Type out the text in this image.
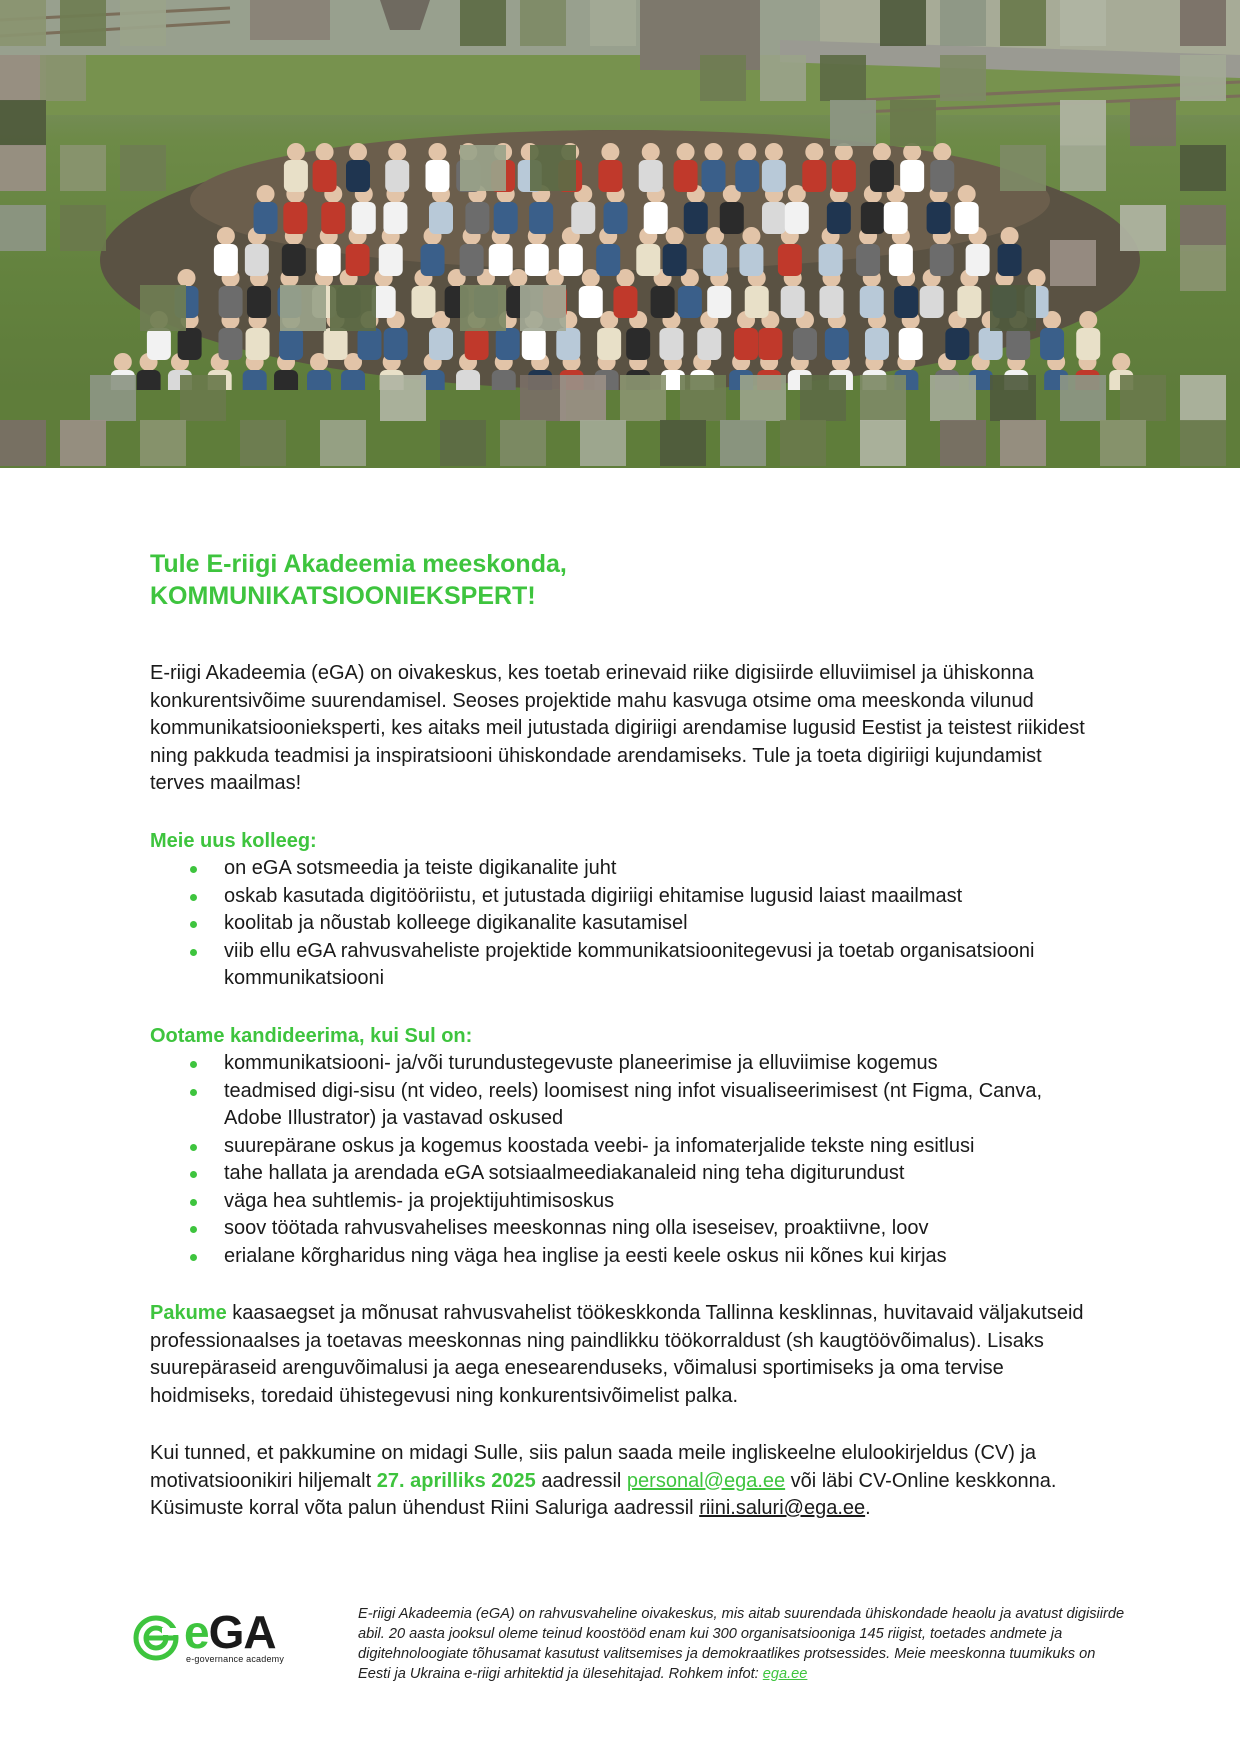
Tule E-riigi Akadeemia meeskonda,
KOMMUNIKATSIOONIEKSPERT!

E-riigi Akadeemia (eGA) on oivakeskus, kes toetab erinevaid riike digisiirde elluviimisel ja ühiskonna konkurentsivõime suurendamisel. Seoses projektide mahu kasvuga otsime oma meeskonda vilunud kommunikatsioonieksperti, kes aitaks meil jutustada digiriigi arendamise lugusid Eestist ja teistest riikidest ning pakkuda teadmisi ja inspiratsiooni ühiskondade arendamiseks. Tule ja toeta digiriigi kujundamist terves maailmas!

Meie uus kolleeg:

on eGA sotsmeedia ja teiste digikanalite juht
oskab kasutada digitööriistu, et jutustada digiriigi ehitamise lugusid laiast maailmast
koolitab ja nõustab kolleege digikanalite kasutamisel
viib ellu eGA rahvusvaheliste projektide kommunikatsioonitegevusi ja toetab organisatsiooni kommunikatsiooni

Ootame kandideerima, kui Sul on:

kommunikatsiooni- ja/või turundustegevuste planeerimise ja elluviimise kogemus
teadmised digi-sisu (nt video, reels) loomisest ning infot visualiseerimisest (nt Figma, Canva, Adobe Illustrator) ja vastavad oskused
suurepärane oskus ja kogemus koostada veebi- ja infomaterjalide tekste ning esitlusi
tahe hallata ja arendada eGA sotsiaalmeediakanaleid ning teha digiturundust
väga hea suhtlemis- ja projektijuhtimisoskus
soov töötada rahvusvahelises meeskonnas ning olla iseseisev, proaktiivne, loov
erialane kõrgharidus ning väga hea inglise ja eesti keele oskus nii kõnes kui kirjas

Pakume kaasaegset ja mõnusat rahvusvahelist töökeskkonda Tallinna kesklinnas, huvitavaid väljakutseid professionaalses ja toetavas meeskonnas ning paindlikku töökorraldust (sh kaugtöövõimalus). Lisaks suurepäraseid arenguvõimalusi ja aega enesearenduseks, võimalusi sportimiseks ja oma tervise hoidmiseks, toredaid ühistegevusi ning konkurentsivõimelist palka.

Kui tunned, et pakkumine on midagi Sulle, siis palun saada meile ingliskeelne elulookirjeldus (CV) ja motivatsioonikiri hiljemalt 27. aprilliks 2025 aadressil personal@ega.ee või läbi CV-Online keskkonna. Küsimuste korral võta palun ühendust Riini Saluriga aadressil riini.saluri@ega.ee.

eGA
e-governance academy
E-riigi Akadeemia (eGA) on rahvusvaheline oivakeskus, mis aitab suurendada ühiskondade heaolu ja avatust digisiirde abil. 20 aasta jooksul oleme teinud koostööd enam kui 300 organisatsiooniga 145 riigist, toetades andmete ja digitehnoloogiate tõhusamat kasutust valitsemises ja demokraatlikes protsessides. Meie meeskonna tuumikuks on Eesti ja Ukraina e-riigi arhitektid ja ülesehitajad. Rohkem infot: ega.ee
